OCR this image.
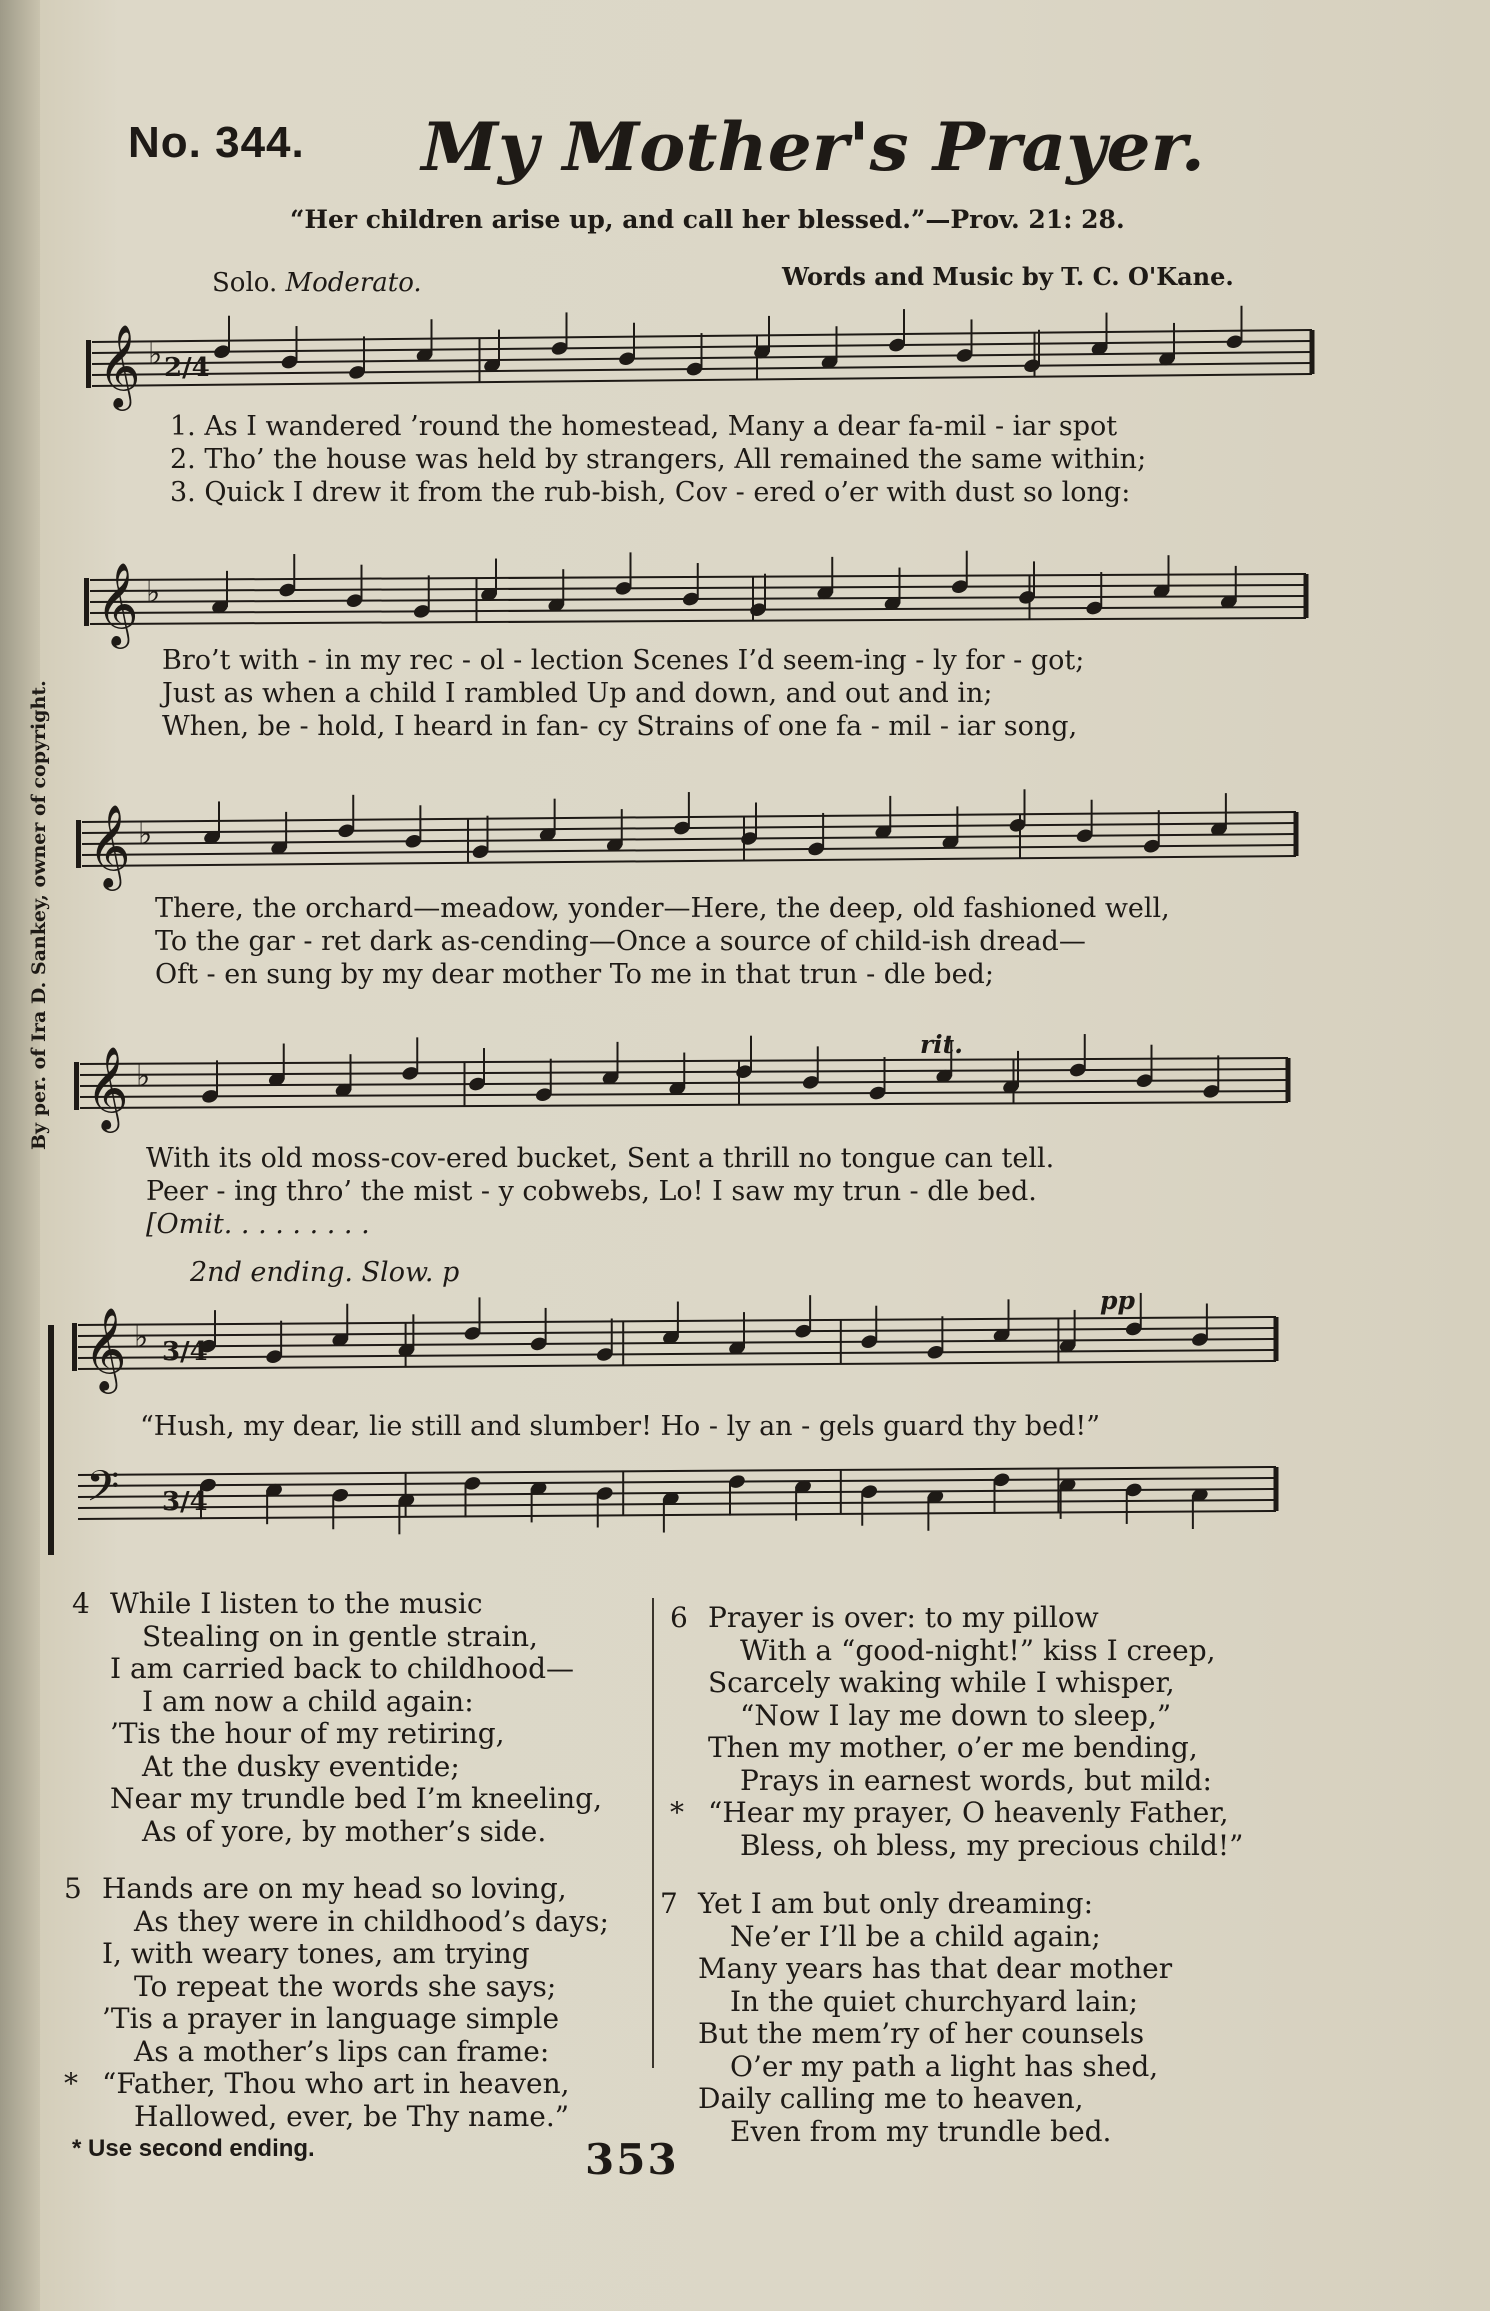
No. 344. My Mother's Prayer.
“Her children arise up, and call her blessed.”—Prov. 21: 28.
Solo. Moderato.	Words and Music by T. C. O'Kane.
By per. of Ira D. Sankey, owner of copyright.
𝄞 ♭
𝄞 ♭
𝄞 ♭
𝄞 ♭
𝄞 ♭
𝄢
2/4
3/4
3/4
1. As I wandered ’round the homestead, Many a dear fa-mil - iar spot
2. Tho’ the house was held by strangers, All remained the same within;
3. Quick I drew it from the rub-bish, Cov - ered o’er with dust so long:
Bro’t with - in my rec - ol - lection Scenes I’d seem-ing - ly for - got;
Just as when a child I rambled Up and down, and out and in;
When, be - hold, I heard in fan- cy Strains of one fa - mil - iar song,
There, the orchard—meadow, yonder—Here, the deep, old fashioned well,
To the gar - ret dark as-cending—Once a source of child-ish dread—
Oft - en sung by my dear mother To me in that trun - dle bed;
rit.
With its old moss-cov-ered bucket, Sent a thrill no tongue can tell.
Peer - ing thro’ the mist - y cobwebs, Lo! I saw my trun - dle bed.
[Omit. . . . . . . . .
2nd ending. Slow. p
pp
“Hush, my dear, lie still and slumber! Ho - ly an - gels guard thy bed!”
4 While I listen to the music
Stealing on in gentle strain,
I am carried back to childhood—
I am now a child again:
’Tis the hour of my retiring,
At the dusky eventide;
Near my trundle bed I’m kneeling,
As of yore, by mother’s side.
5 Hands are on my head so loving,
As they were in childhood’s days;
I, with weary tones, am trying
To repeat the words she says;
’Tis a prayer in language simple
As a mother’s lips can frame:
* “Father, Thou who art in heaven,
Hallowed, ever, be Thy name.”
6 Prayer is over: to my pillow
With a “good-night!” kiss I creep,
Scarcely waking while I whisper,
“Now I lay me down to sleep,”
Then my mother, o’er me bending,
Prays in earnest words, but mild:
* “Hear my prayer, O heavenly Father,
Bless, oh bless, my precious child!”
7 Yet I am but only dreaming:
Ne’er I’ll be a child again;
Many years has that dear mother
In the quiet churchyard lain;
But the mem’ry of her counsels
O’er my path a light has shed,
Daily calling me to heaven,
Even from my trundle bed.
* Use second ending.	353
